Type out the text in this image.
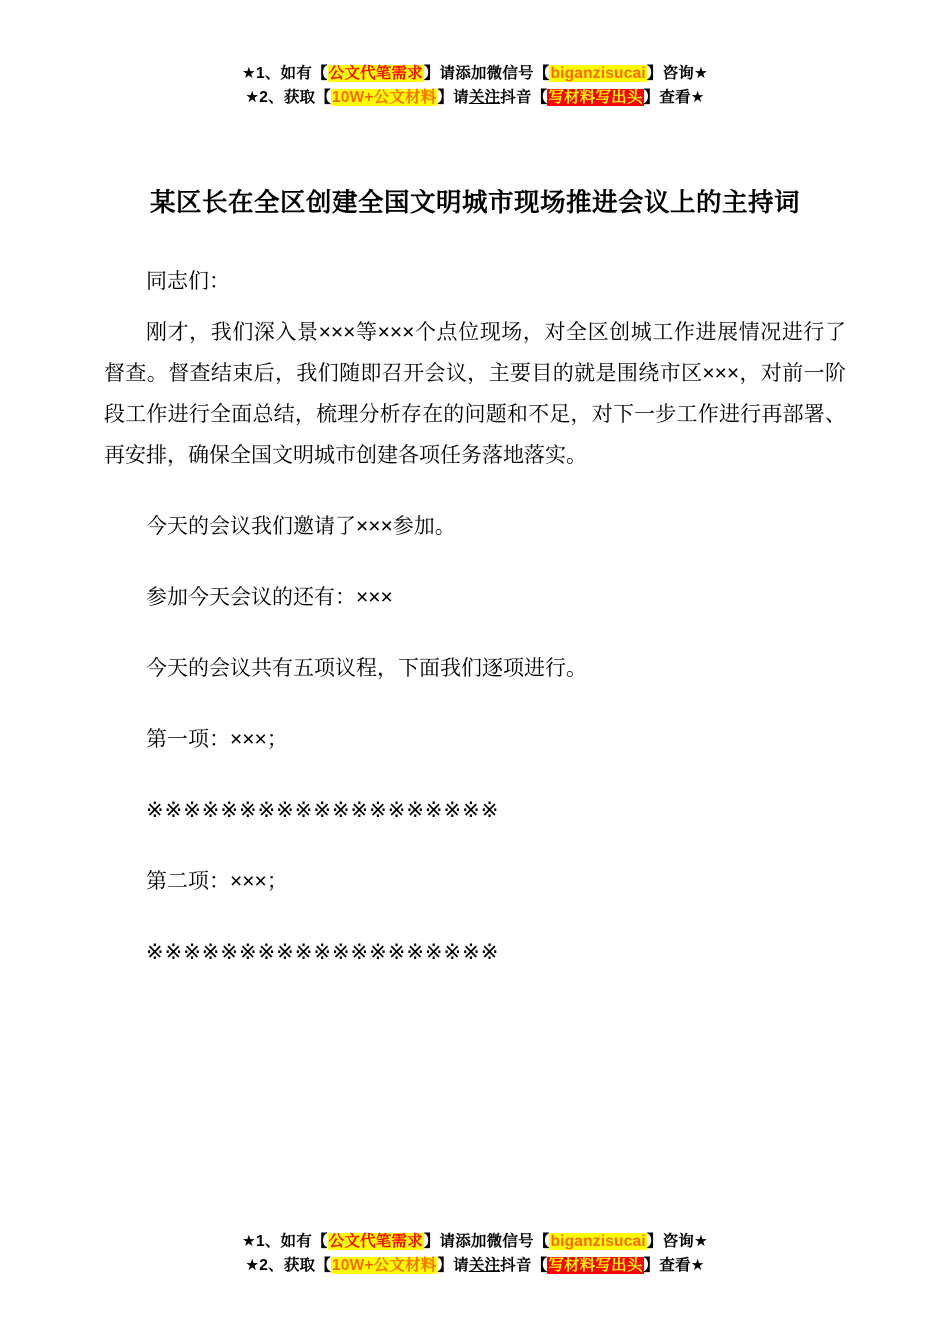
★1、如有【公文代笔需求】请添加微信号【biganzisucai】咨询★
★2、获取【10W+公文材料】请关注抖音【写材料写出头】查看★
某区长在全区创建全国文明城市现场推进会议上的主持词

同志们：

刚才，我们深入景×××等×××个点位现场，对全区创城工作进展情况进行了督查。督查结束后，我们随即召开会议，主要目的就是围绕市区×××，对前一阶段工作进行全面总结，梳理分析存在的问题和不足，对下一步工作进行再部署、再安排，确保全国文明城市创建各项任务落地落实。

今天的会议我们邀请了×××参加。

参加今天会议的还有：×××

今天的会议共有五项议程，下面我们逐项进行。

第一项：×××；

※※※※※※※※※※※※※※※※※※※

第二项：×××；

※※※※※※※※※※※※※※※※※※※

★1、如有【公文代笔需求】请添加微信号【biganzisucai】咨询★
★2、获取【10W+公文材料】请关注抖音【写材料写出头】查看★
